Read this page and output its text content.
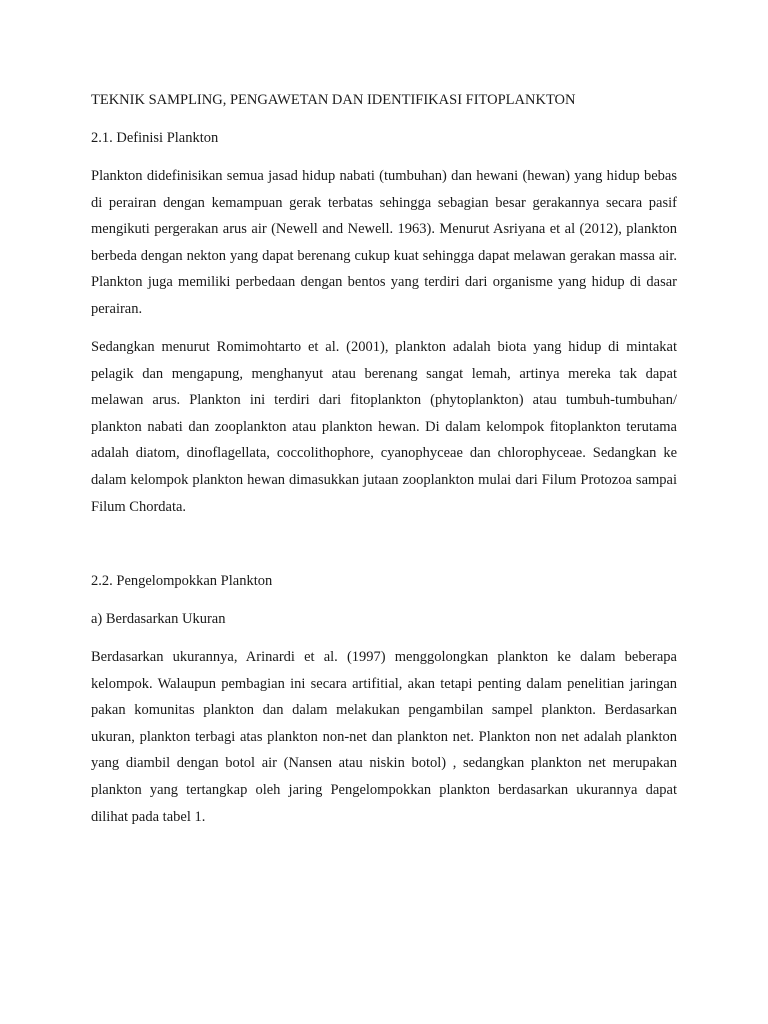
TEKNIK SAMPLING, PENGAWETAN DAN IDENTIFIKASI FITOPLANKTON

2.1. Definisi Plankton

Plankton didefinisikan semua jasad hidup nabati (tumbuhan) dan hewani (hewan) yang hidup bebas di perairan dengan kemampuan gerak terbatas sehingga sebagian besar gerakannya secara pasif mengikuti pergerakan arus air (Newell and Newell. 1963). Menurut Asriyana et al (2012), plankton berbeda dengan nekton yang dapat berenang cukup kuat sehingga dapat melawan gerakan massa air. Plankton juga memiliki perbedaan dengan bentos yang terdiri dari organisme yang hidup di dasar perairan.

Sedangkan menurut Romimohtarto et al. (2001), plankton adalah biota yang hidup di mintakat pelagik dan mengapung, menghanyut atau berenang sangat lemah, artinya mereka tak dapat melawan arus. Plankton ini terdiri dari fitoplankton (phytoplankton) atau tumbuh-tumbuhan/ plankton nabati dan zooplankton atau plankton hewan. Di dalam kelompok fitoplankton terutama adalah diatom, dinoflagellata, coccolithophore, cyanophyceae dan chlorophyceae. Sedangkan ke dalam kelompok plankton hewan dimasukkan jutaan zooplankton mulai dari Filum Protozoa sampai Filum Chordata.

2.2. Pengelompokkan Plankton

a) Berdasarkan Ukuran

Berdasarkan ukurannya, Arinardi et al. (1997) menggolongkan plankton ke dalam beberapa kelompok. Walaupun pembagian ini secara artifitial, akan tetapi penting dalam penelitian jaringan pakan komunitas plankton dan dalam melakukan pengambilan sampel plankton. Berdasarkan ukuran, plankton terbagi atas plankton non-net dan plankton net. Plankton non net adalah plankton yang diambil dengan botol air (Nansen atau niskin botol) , sedangkan plankton net merupakan plankton yang tertangkap oleh jaring Pengelompokkan plankton berdasarkan ukurannya dapat dilihat pada tabel 1.
